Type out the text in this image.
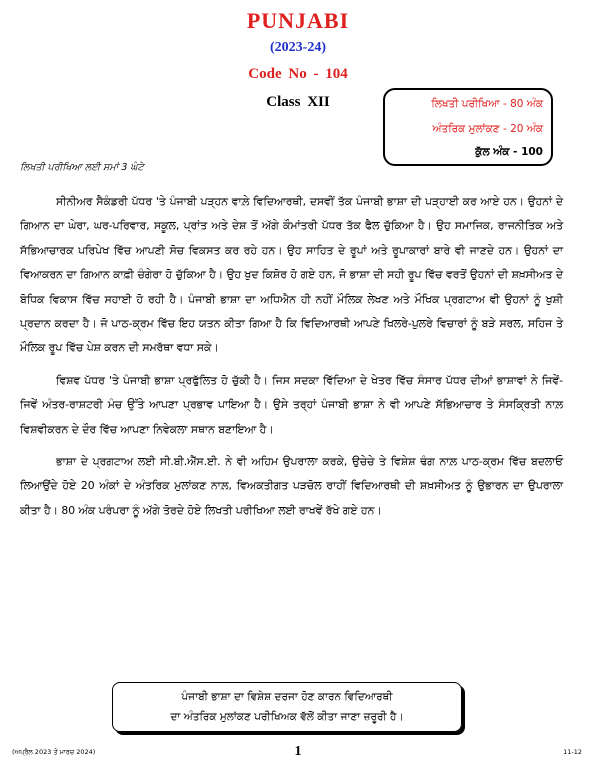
PUNJABI
(2023-24)
Code No - 104
Class XII	ਲਿਖਤੀ ਪਰੀਖਿਆ - 80 ਅੰਕ
ਅੰਤਰਿਕ ਮੁਲਾਂਕਣ - 20 ਅੰਕ
ਕੁੱਲ ਅੰਕ - 100
ਲਿਖਤੀ ਪਰੀਖਿਆ ਲਈ ਸਮਾਂ 3 ਘੰਟੇ

ਸੀਨੀਅਰ ਸੈਕੰਡਰੀ ਪੱਧਰ 'ਤੇ ਪੰਜਾਬੀ ਪੜ੍ਹਨ ਵਾਲ਼ੇ ਵਿਦਿਆਰਥੀ, ਦਸਵੀਂ ਤੱਕ ਪੰਜਾਬੀ ਭਾਸ਼ਾ ਦੀ ਪੜ੍ਹਾਈ ਕਰ ਆਏ ਹਨ। ਉਹਨਾਂ ਦੇ ਗਿਆਨ ਦਾ ਘੇਰਾ, ਘਰ-ਪਰਿਵਾਰ, ਸਕੂਲ, ਪ੍ਰਾਂਤ ਅਤੇ ਦੇਸ਼ ਤੋਂ ਅੱਗੇ ਕੌਮਾਂਤਰੀ ਪੱਧਰ ਤੱਕ ਫੈਲ ਚੁੱਕਿਆ ਹੈ। ਉਹ ਸਮਾਜਿਕ, ਰਾਜਨੀਤਿਕ ਅਤੇ ਸੱਭਿਆਚਾਰਕ ਪਰਿਪੇਖ ਵਿੱਚ ਆਪਣੀ ਸੋਚ ਵਿਕਸਤ ਕਰ ਰਹੇ ਹਨ। ਉਹ ਸਾਹਿਤ ਦੇ ਰੂਪਾਂ ਅਤੇ ਰੂਪਾਕਾਰਾਂ ਬਾਰੇ ਵੀ ਜਾਣਦੇ ਹਨ। ਉਹਨਾਂ ਦਾ ਵਿਆਕਰਨ ਦਾ ਗਿਆਨ ਕਾਫ਼ੀ ਚੰਗੇਰਾ ਹੋ ਚੁੱਕਿਆ ਹੈ। ਉਹ ਖੁਦ ਕਿਸ਼ੋਰ ਹੋ ਗਏ ਹਨ, ਜੋ ਭਾਸ਼ਾ ਦੀ ਸਹੀ ਰੂਪ ਵਿੱਚ ਵਰਤੋਂ ਉਹਨਾਂ ਦੀ ਸ਼ਖ਼ਸੀਅਤ ਦੇ ਬੋਧਿਕ ਵਿਕਾਸ ਵਿੱਚ ਸਹਾਈ ਹੋ ਰਹੀ ਹੈ। ਪੰਜਾਬੀ ਭਾਸ਼ਾ ਦਾ ਅਧਿਐਨ ਹੀ ਨਹੀਂ ਮੌਲਿਕ ਲੇਖਣ ਅਤੇ ਮੌਖਿਕ ਪ੍ਰਗਟਾਅ ਵੀ ਉਹਨਾਂ ਨੂੰ ਖੁਸ਼ੀ ਪ੍ਰਦਾਨ ਕਰਦਾ ਹੈ। ਜੋ ਪਾਠ-ਕ੍ਰਮ ਵਿੱਚ ਇਹ ਯਤਨ ਕੀਤਾ ਗਿਆ ਹੈ ਕਿ ਵਿਦਿਆਰਥੀ ਆਪਣੇ ਖਿਲਰੇ-ਪੁਲਰੇ ਵਿਚਾਰਾਂ ਨੂੰ ਬੜੇ ਸਰਲ, ਸਹਿਜ ਤੇ ਮੌਲਿਕ ਰੂਪ ਵਿੱਚ ਪੇਸ਼ ਕਰਨ ਦੀ ਸਮਰੱਥਾ ਵਧਾ ਸਕੇ।

ਵਿਸ਼ਵ ਪੱਧਰ 'ਤੇ ਪੰਜਾਬੀ ਭਾਸ਼ਾ ਪ੍ਰਫੁੱਲਿਤ ਹੋ ਚੁੱਕੀ ਹੈ। ਜਿਸ ਸਦਕਾ ਵਿੱਦਿਆ ਦੇ ਖੇਤਰ ਵਿੱਚ ਸੰਸਾਰ ਪੱਧਰ ਦੀਆਂ ਭਾਸ਼ਾਵਾਂ ਨੇ ਜਿਵੇਂ-ਜਿਵੇਂ ਅੰਤਰ-ਰਾਸ਼ਟਰੀ ਮੰਚ ਉੱਤੇ ਆਪਣਾ ਪ੍ਰਭਾਵ ਪਾਇਆ ਹੈ। ਉਸੇ ਤਰ੍ਹਾਂ ਪੰਜਾਬੀ ਭਾਸ਼ਾ ਨੇ ਵੀ ਆਪਣੇ ਸੱਭਿਆਚਾਰ ਤੇ ਸੰਸਕ੍ਰਿਤੀ ਨਾਲ਼ ਵਿਸ਼ਵੀਕਰਨ ਦੇ ਦੌਰ ਵਿੱਚ ਆਪਣਾ ਨਿਵੇਕਲਾ ਸਥਾਨ ਬਣਾਇਆ ਹੈ।

ਭਾਸ਼ਾ ਦੇ ਪ੍ਰਗਟਾਅ ਲਈ ਸੀ.ਬੀ.ਐੱਸ.ਈ. ਨੇ ਵੀ ਅਹਿਮ ਉਪਰਾਲਾ ਕਰਕੇ, ਉਚੇਚੇ ਤੇ ਵਿਸ਼ੇਸ਼ ਢੰਗ ਨਾਲ਼ ਪਾਠ-ਕ੍ਰਮ ਵਿੱਚ ਬਦਲਾਓ ਲਿਆਉਂਦੇ ਹੋਏ 20 ਅੰਕਾਂ ਦੇ ਅੰਤਰਿਕ ਮੁਲਾਂਕਣ ਨਾਲ਼, ਵਿਅਕਤੀਗਤ ਪੜਚੋਲ ਰਾਹੀਂ ਵਿਦਿਆਰਥੀ ਦੀ ਸ਼ਖ਼ਸੀਅਤ ਨੂੰ ਉਭਾਰਨ ਦਾ ਉਪਰਾਲਾ ਕੀਤਾ ਹੈ। 80 ਅੰਕ ਪਰੰਪਰਾ ਨੂੰ ਅੱਗੇ ਤੋਰਦੇ ਹੋਏ ਲਿਖਤੀ ਪਰੀਖਿਆ ਲਈ ਰਾਖਵੇਂ ਰੱਖੇ ਗਏ ਹਨ।

ਪੰਜਾਬੀ ਭਾਸ਼ਾ ਦਾ ਵਿਸ਼ੇਸ਼ ਦਰਜਾ ਹੋਣ ਕਾਰਨ ਵਿਦਿਆਰਥੀ
ਦਾ ਅੰਤਰਿਕ ਮੁਲਾਂਕਣ ਪਰੀਖਿਅਕ ਵੱਲੋਂ ਕੀਤਾ ਜਾਣਾ ਜ਼ਰੂਰੀ ਹੈ।
(ਅਪ੍ਰੈਲ 2023 ਤੋਂ ਮਾਰਚ 2024)	1	11-12
